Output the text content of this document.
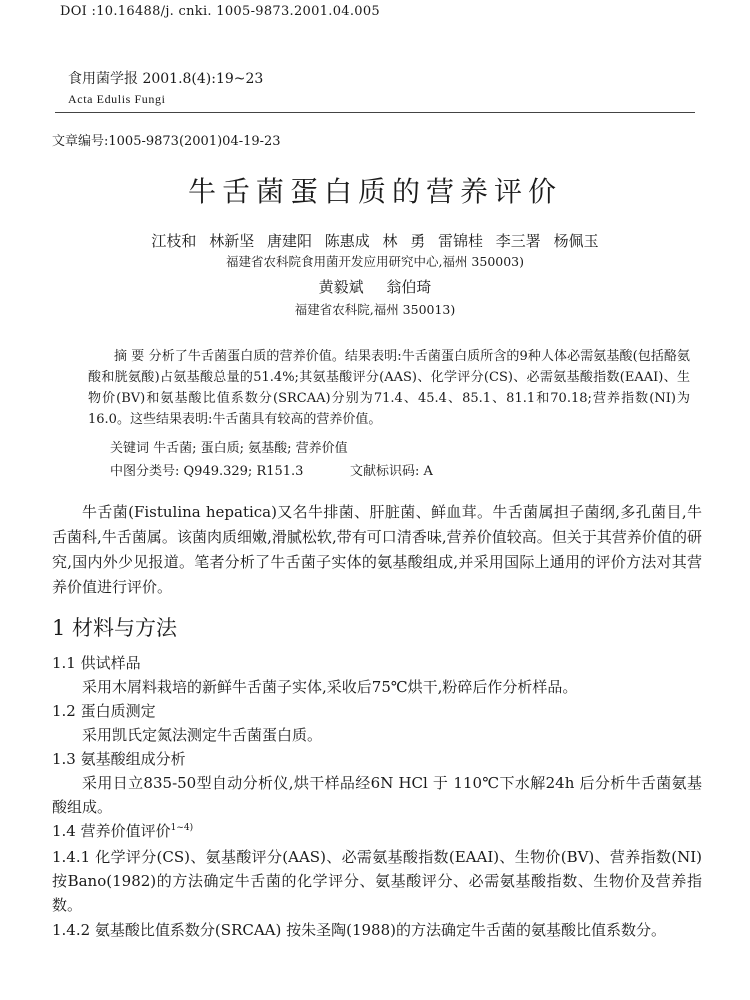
DOI :10.16488/j. cnki. 1005-9873.2001.04.005
食用菌学报 2001.8(4):19~23
Acta Edulis Fungi
文章编号:1005-9873(2001)04-19-23
牛舌菌蛋白质的营养评价
江枝和 林新坚 唐建阳 陈惠成 林 勇 雷锦桂 李三署 杨佩玉
福建省农科院食用菌开发应用研究中心,福州 350003)
黄毅斌 翁伯琦
福建省农科院,福州 350013)

摘 要 分析了牛舌菌蛋白质的营养价值。结果表明:牛舌菌蛋白质所含的9种人体必需氨基酸(包括酪氨酸和胱氨酸)占氨基酸总量的51.4%;其氨基酸评分(AAS)、化学评分(CS)、必需氨基酸指数(EAAI)、生物价(BV)和氨基酸比值系数分(SRCAA)分别为71.4、45.4、85.1、81.1和70.18;营养指数(NI)为16.0。这些结果表明:牛舌菌具有较高的营养价值。

关键词 牛舌菌; 蛋白质; 氨基酸; 营养价值
中图分类号: Q949.329; R151.3	文献标识码: A

牛舌菌(Fistulina hepatica)又名牛排菌、肝脏菌、鲜血茸。牛舌菌属担子菌纲,多孔菌目,牛舌菌科,牛舌菌属。该菌肉质细嫩,滑腻松软,带有可口清香味,营养价值较高。但关于其营养价值的研究,国内外少见报道。笔者分析了牛舌菌子实体的氨基酸组成,并采用国际上通用的评价方法对其营养价值进行评价。

1 材料与方法
1.1 供试样品

采用木屑料栽培的新鲜牛舌菌子实体,采收后75℃烘干,粉碎后作分析样品。

1.2 蛋白质测定

采用凯氏定氮法测定牛舌菌蛋白质。

1.3 氨基酸组成分析

采用日立835-50型自动分析仪,烘干样品经6N HCl 于 110℃下水解24h 后分析牛舌菌氨基酸组成。

1.4 营养价值评价$^{1\sim 4)}$

1.4.1 化学评分(CS)、氨基酸评分(AAS)、必需氨基酸指数(EAAI)、生物价(BV)、营养指数(NI) 按Bano(1982)的方法确定牛舌菌的化学评分、氨基酸评分、必需氨基酸指数、生物价及营养指数。

1.4.2 氨基酸比值系数分(SRCAA) 按朱圣陶(1988)的方法确定牛舌菌的氨基酸比值系数分。
